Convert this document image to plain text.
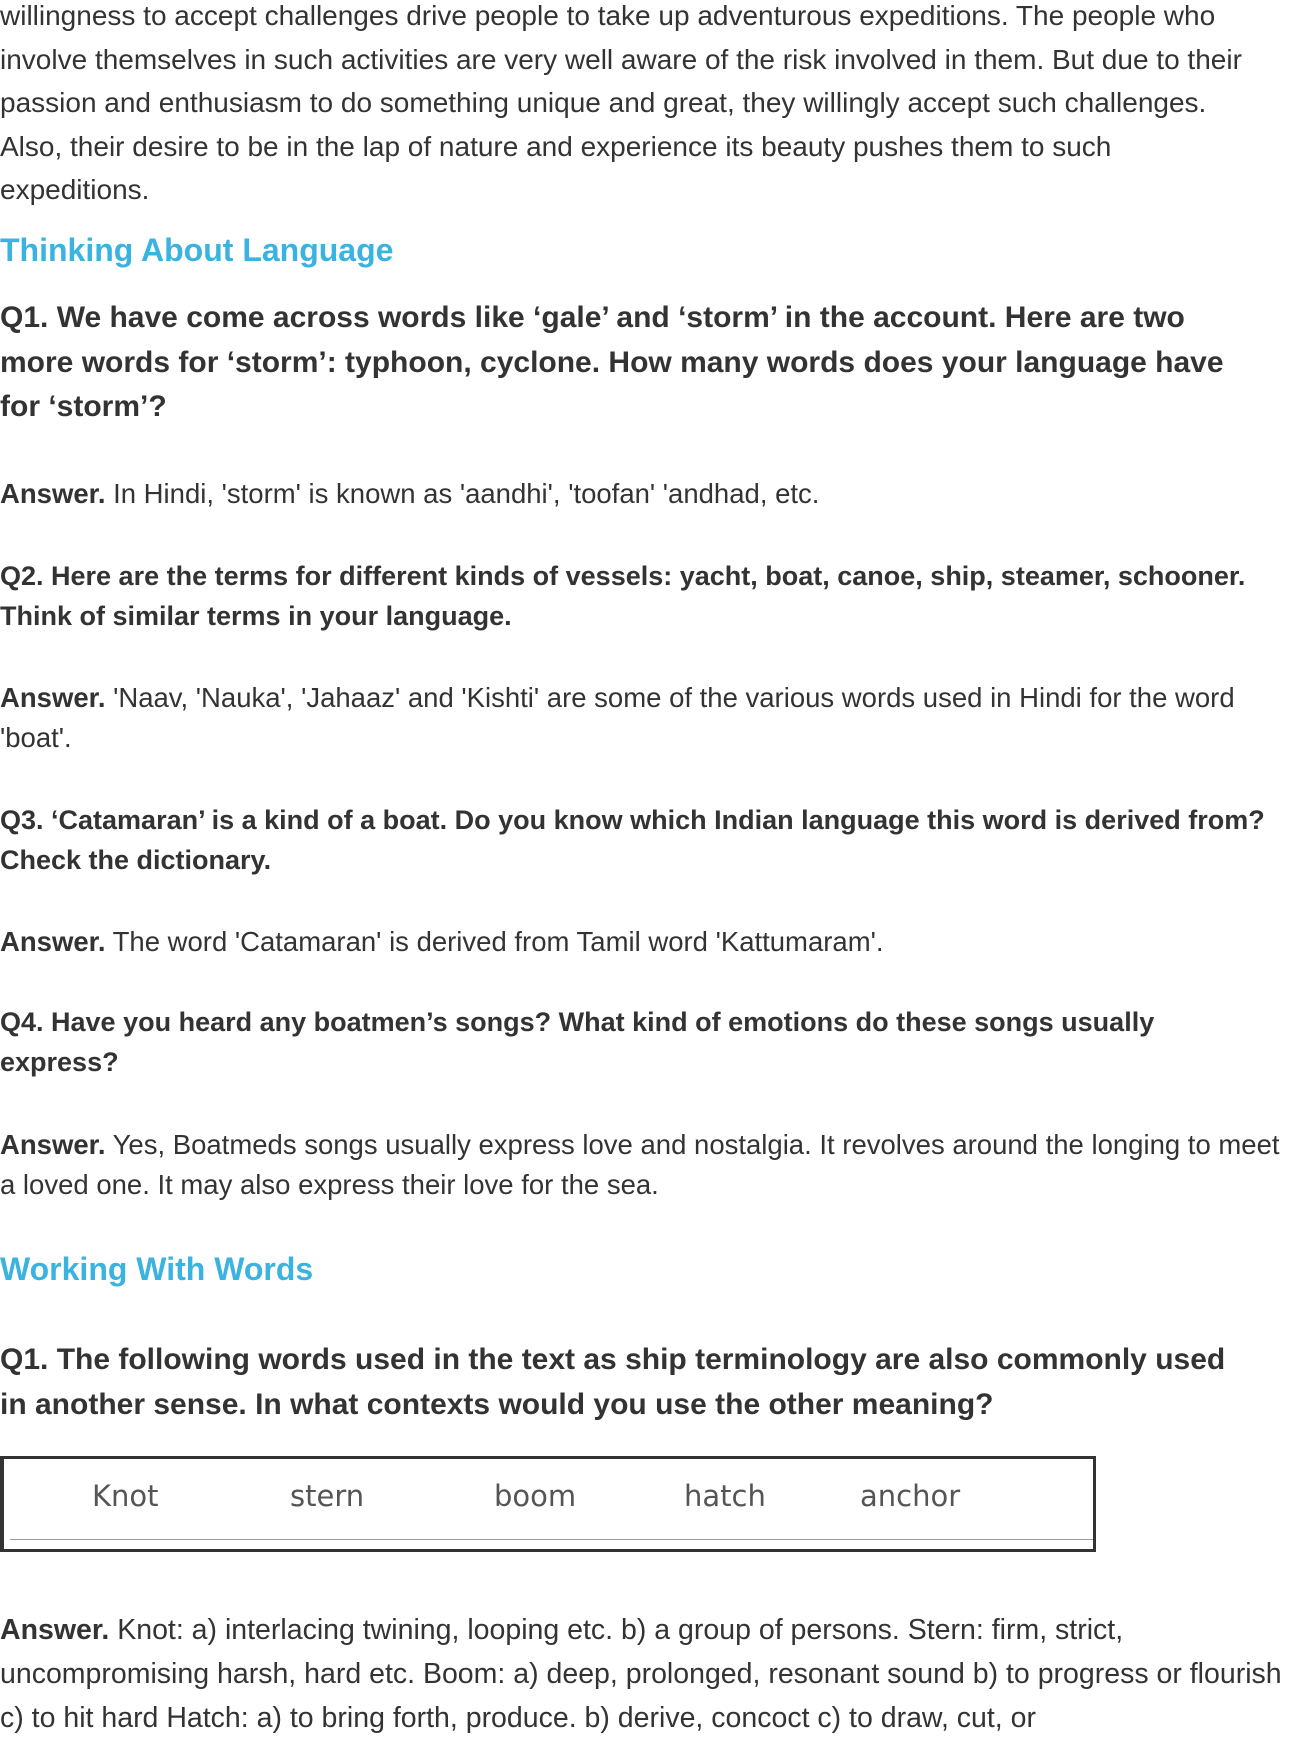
willingness to accept challenges drive people to take up adventurous expeditions. The people who involve themselves in such activities are very well aware of the risk involved in them. But due to their passion and enthusiasm to do something unique and great, they willingly accept such challenges. Also, their desire to be in the lap of nature and experience its beauty pushes them to such expeditions.

Thinking About Language

Q1. We have come across words like ‘gale’ and ‘storm’ in the account. Here are two more words for ‘storm’: typhoon, cyclone. How many words does your language have for ‘storm’?

Answer. In Hindi, 'storm' is known as 'aandhi', 'toofan' 'andhad, etc.

Q2. Here are the terms for different kinds of vessels: yacht, boat, canoe, ship, steamer, schooner. Think of similar terms in your language.

Answer. 'Naav, 'Nauka', 'Jahaaz' and 'Kishti' are some of the various words used in Hindi for the word 'boat'.

Q3. ‘Catamaran’ is a kind of a boat. Do you know which Indian language this word is derived from? Check the dictionary.

Answer. The word 'Catamaran' is derived from Tamil word 'Kattumaram'.

Q4. Have you heard any boatmen’s songs? What kind of emotions do these songs usually express?

Answer. Yes, Boatmeds songs usually express love and nostalgia. It revolves around the longing to meet a loved one. It may also express their love for the sea.

Working With Words

Q1. The following words used in the text as ship terminology are also commonly used in another sense. In what contexts would you use the other meaning?

Knot	stern	boom	hatch	anchor

Answer. Knot: a) interlacing twining, looping etc. b) a group of persons. Stern: firm, strict, uncompromising harsh, hard etc. Boom: a) deep, prolonged, resonant sound b) to progress or flourish c) to hit hard Hatch: a) to bring forth, produce. b) derive, concoct c) to draw, cut, or
